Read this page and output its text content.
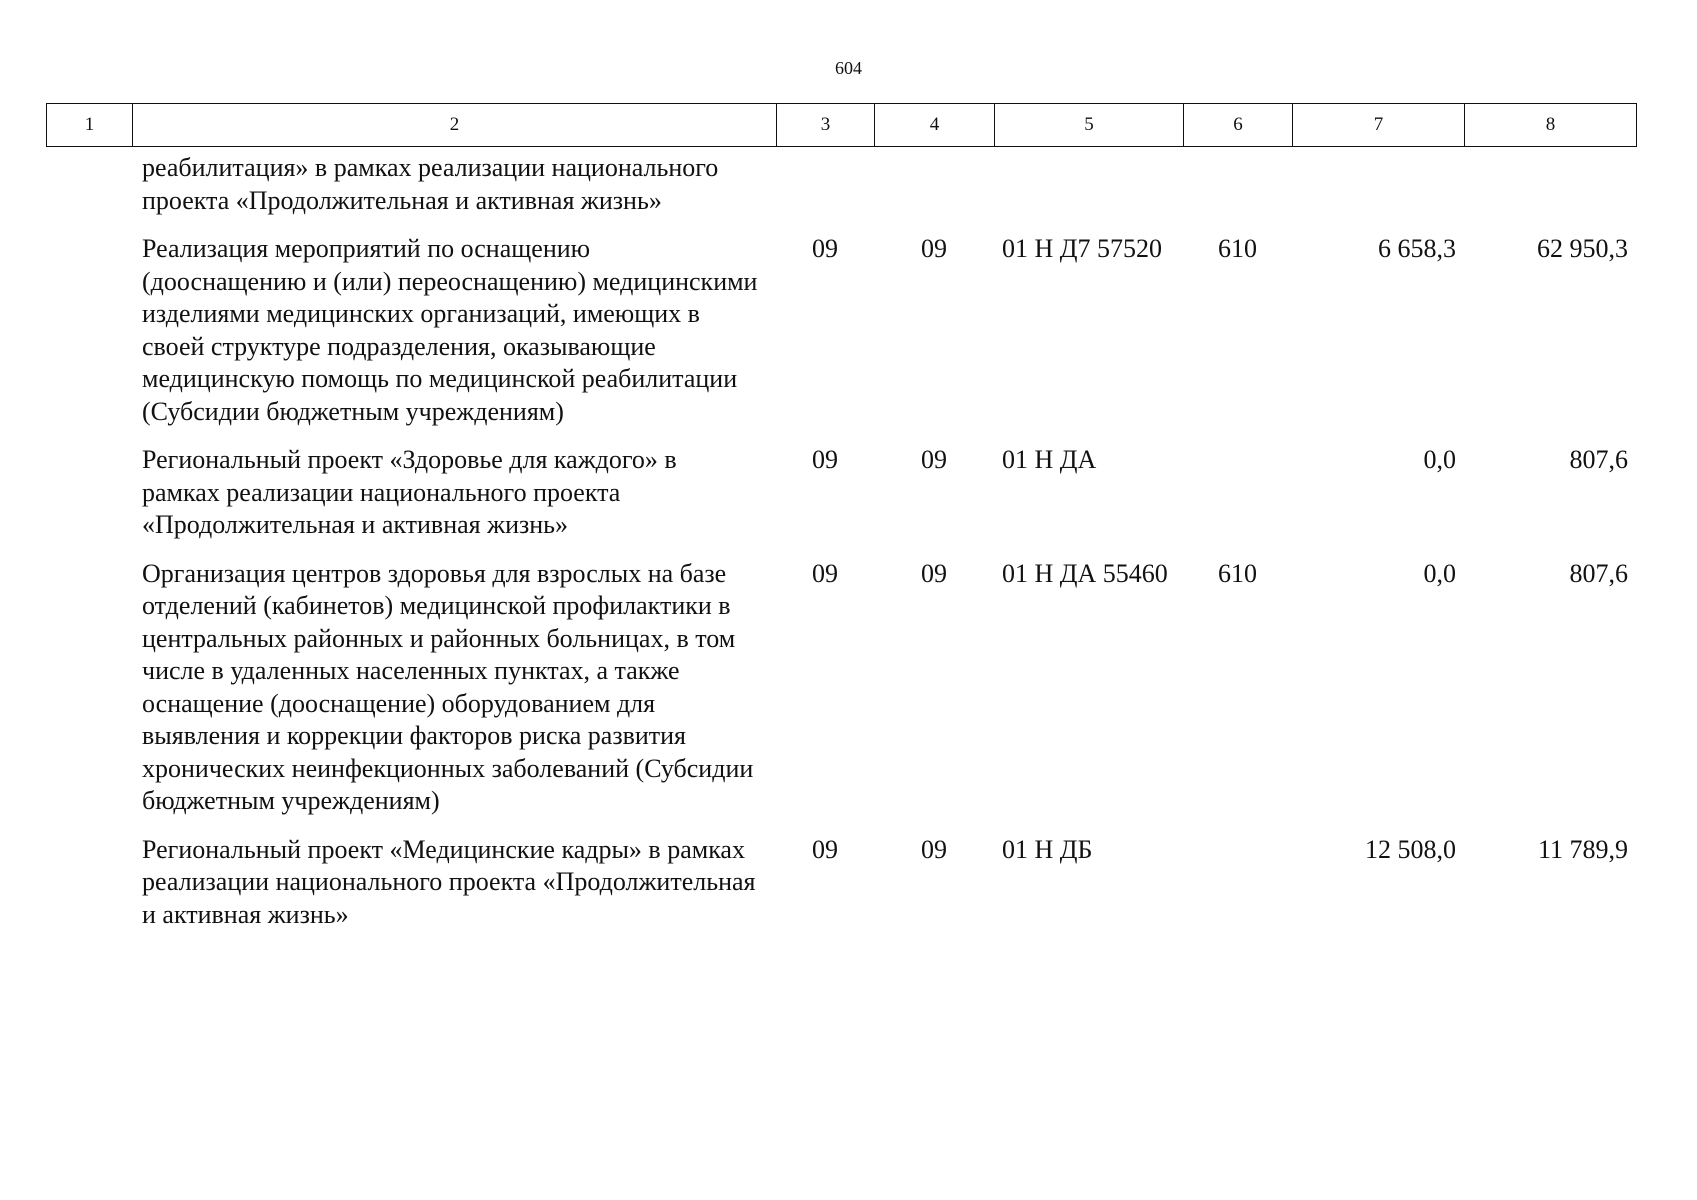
604
1	2	3	4	5	6	7	8
	реабилитация» в рамках реализации национального проекта «Продолжительная и активная жизнь»						
	Реализация мероприятий по оснащению (дооснащению и (или) переоснащению) медицинскими изделиями медицинских организаций, имеющих в своей структуре подразделения, оказывающие медицинскую помощь по медицинской реабилитации (Субсидии бюджетным учреждениям)	09	09	01 Н Д7 57520	610	6 658,3	62 950,3
	Региональный проект «Здоровье для каждого» в рамках реализации национального проекта «Продолжительная и активная жизнь»	09	09	01 Н ДА		0,0	807,6
	Организация центров здоровья для взрослых на базе отделений (кабинетов) медицинской профилактики в центральных районных и районных больницах, в том числе в удаленных населенных пунктах, а также оснащение (дооснащение) оборудованием для выявления и коррекции факторов риска развития хронических неинфекционных заболеваний (Субсидии бюджетным учреждениям)	09	09	01 Н ДА 55460	610	0,0	807,6
	Региональный проект «Медицинские кадры» в рамках реализации национального проекта «Продолжительная и активная жизнь»	09	09	01 Н ДБ		12 508,0	11 789,9
